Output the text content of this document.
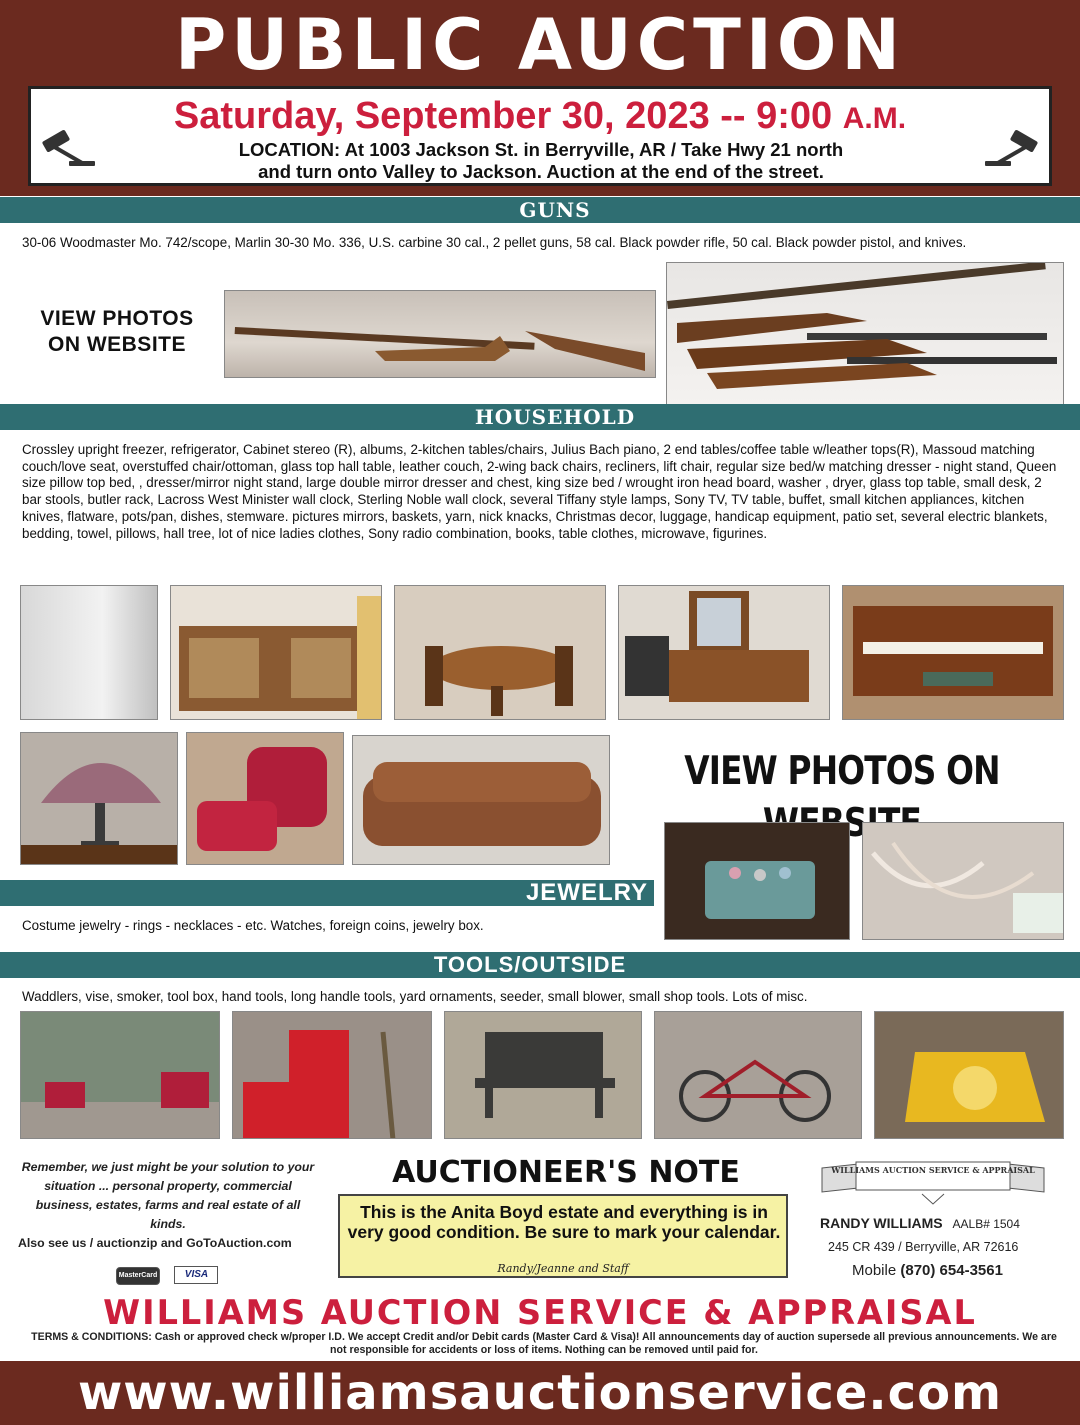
PUBLIC AUCTION
Saturday, September 30, 2023 -- 9:00 A.M.
LOCATION: At 1003 Jackson St. in Berryville, AR / Take Hwy 21 north
and turn onto Valley to Jackson. Auction at the end of the street.
GUNS
30-06 Woodmaster Mo. 742/scope, Marlin 30-30 Mo. 336, U.S. carbine 30 cal., 2 pellet guns, 58 cal. Black powder rifle, 50 cal. Black powder pistol, and knives.
VIEW PHOTOS ON WEBSITE
HOUSEHOLD
Crossley upright freezer, refrigerator, Cabinet stereo (R), albums, 2-kitchen tables/chairs, Julius Bach piano, 2 end tables/coffee table w/leather tops(R), Massoud matching couch/love seat, overstuffed chair/ottoman, glass top hall table, leather couch, 2-wing back chairs, recliners, lift chair, regular size bed/w matching dresser - night stand, Queen size pillow top bed, , dresser/mirror night stand, large double mirror dresser and chest, king size bed / wrought iron head board, washer , dryer, glass top table, small desk, 2 bar stools, butler rack, Lacross West Minister wall clock, Sterling Noble wall clock, several Tiffany style lamps, Sony TV, TV table, buffet, small kitchen appliances, kitchen knives, flatware, pots/pan, dishes, stemware. pictures mirrors, baskets, yarn, nick knacks, Christmas decor, luggage, handicap equipment, patio set, several electric blankets, bedding, towel, pillows, hall tree, lot of nice ladies clothes, Sony radio combination, books, table clothes, microwave, figurines.
VIEW PHOTOS ON
JEWELRY
Costume jewelry - rings - necklaces - etc. Watches, foreign coins, jewelry box.
TOOLS/OUTSIDE
Waddlers, vise, smoker, tool box, hand tools, long handle tools, yard ornaments, seeder, small blower, small shop tools. Lots of misc.
Remember, we just might be your solution to your situation ... personal property, commercial business, estates, farms and real estate of all kinds.
Also see us / auctionzip and GoToAuction.com
MasterCard	VISA
AUCTIONEER'S NOTE
This is the Anita Boyd estate and everything is in very good condition. Be sure to mark your calendar.
Randy/Jeanne and Staff
WILLIAMS AUCTION SERVICE & APPRAISAL
RANDY WILLIAMS AALB# 1504
245 CR 439 / Berryville, AR 72616
Mobile (870) 654-3561
WILLIAMS AUCTION SERVICE & APPRAISAL
TERMS & CONDITIONS: Cash or approved check w/proper I.D. We accept Credit and/or Debit cards (Master Card & Visa)! All announcements day of auction supersede all previous announcements. We are not responsible for accidents or loss of items. Nothing can be removed until paid for.
www.williamsauctionservice.com
